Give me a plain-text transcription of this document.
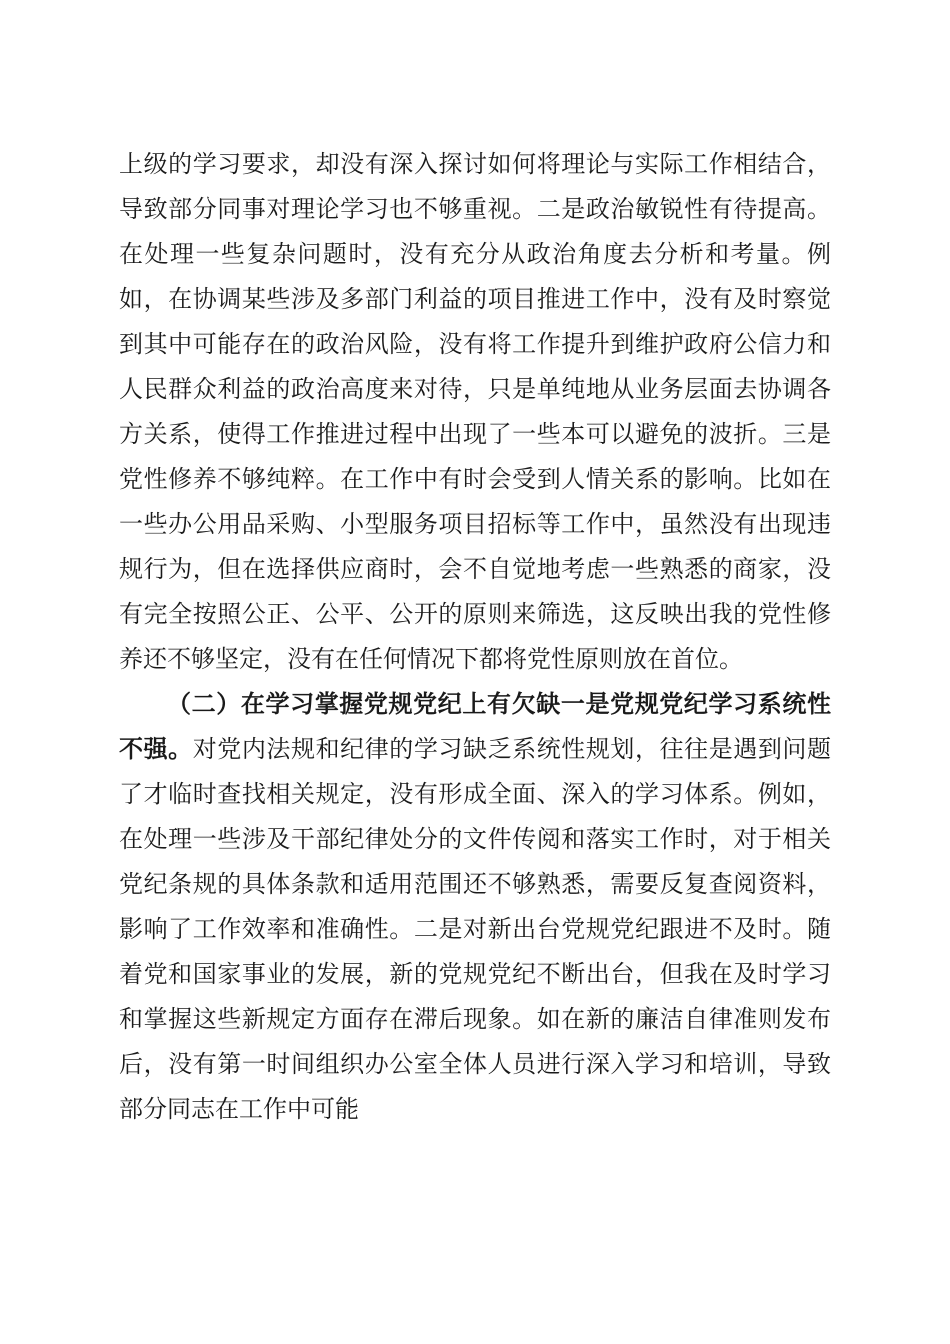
上级的学习要求，却没有深入探讨如何将理论与实际工作相结合，导致部分同事对理论学习也不够重视。二是政治敏锐性有待提高。在处理一些复杂问题时，没有充分从政治角度去分析和考量。例如，在协调某些涉及多部门利益的项目推进工作中，没有及时察觉到其中可能存在的政治风险，没有将工作提升到维护政府公信力和人民群众利益的政治高度来对待，只是单纯地从业务层面去协调各方关系，使得工作推进过程中出现了一些本可以避免的波折。三是党性修养不够纯粹。在工作中有时会受到人情关系的影响。比如在一些办公用品采购、小型服务项目招标等工作中，虽然没有出现违规行为，但在选择供应商时，会不自觉地考虑一些熟悉的商家，没有完全按照公正、公平、公开的原则来筛选，这反映出我的党性修养还不够坚定，没有在任何情况下都将党性原则放在首位。

（二）在学习掌握党规党纪上有欠缺一是党规党纪学习系统性不强。对党内法规和纪律的学习缺乏系统性规划，往往是遇到问题了才临时查找相关规定，没有形成全面、深入的学习体系。例如，在处理一些涉及干部纪律处分的文件传阅和落实工作时，对于相关党纪条规的具体条款和适用范围还不够熟悉，需要反复查阅资料，影响了工作效率和准确性。二是对新出台党规党纪跟进不及时。随着党和国家事业的发展，新的党规党纪不断出台，但我在及时学习和掌握这些新规定方面存在滞后现象。如在新的廉洁自律准则发布后，没有第一时间组织办公室全体人员进行深入学习和培训，导致部分同志在工作中可能
